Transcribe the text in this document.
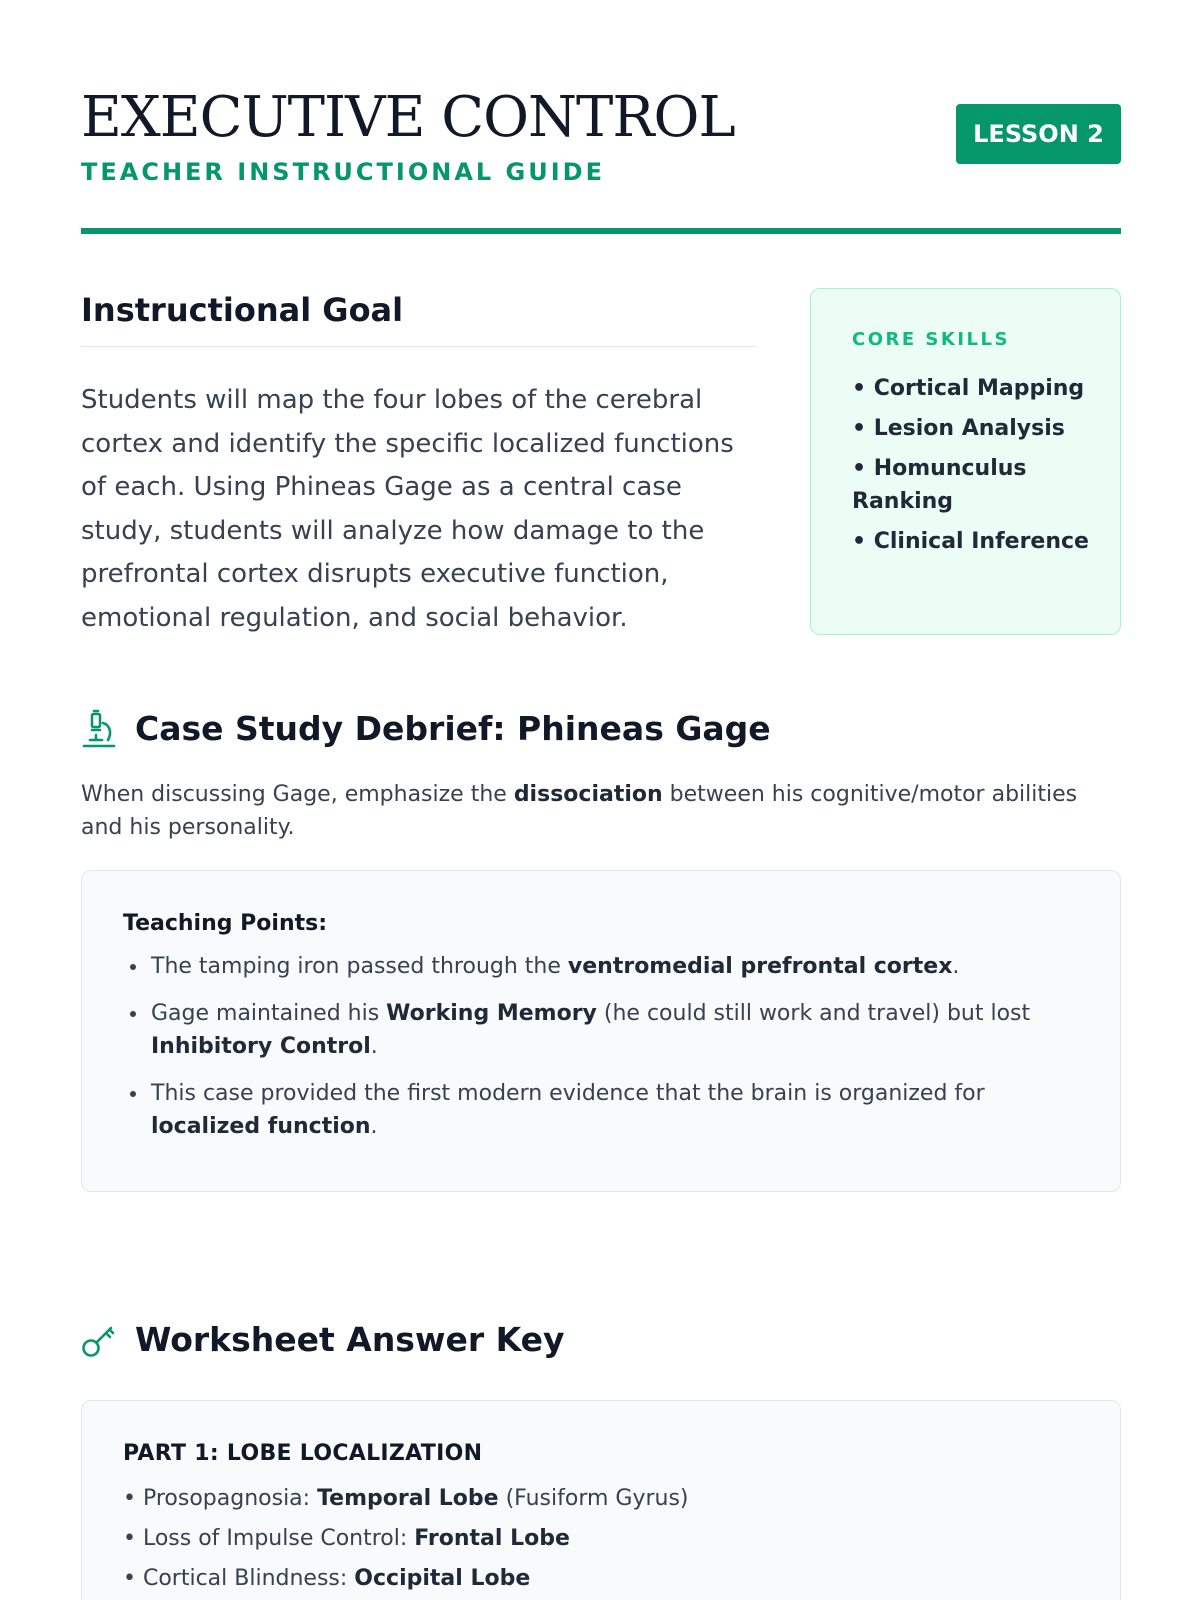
EXECUTIVE CONTROL
TEACHER INSTRUCTIONAL GUIDE
LESSON 2
Instructional Goal

Students will map the four lobes of the cerebral cortex and identify the specific localized functions of each. Using Phineas Gage as a central case study, students will analyze how damage to the prefrontal cortex disrupts executive function, emotional regulation, and social behavior.

CORE SKILLS
• Cortical Mapping
• Lesion Analysis
• Homunculus Ranking
• Clinical Inference
Case Study Debrief: Phineas Gage

When discussing Gage, emphasize the dissociation between his cognitive/motor abilities and his personality.

Teaching Points:
• The tamping iron passed through the ventromedial prefrontal cortex.
• Gage maintained his Working Memory (he could still work and travel) but lost Inhibitory Control.
• This case provided the first modern evidence that the brain is organized for localized function.
Worksheet Answer Key
PART 1: LOBE LOCALIZATION
• Prosopagnosia: Temporal Lobe (Fusiform Gyrus)
• Loss of Impulse Control: Frontal Lobe
• Cortical Blindness: Occipital Lobe
